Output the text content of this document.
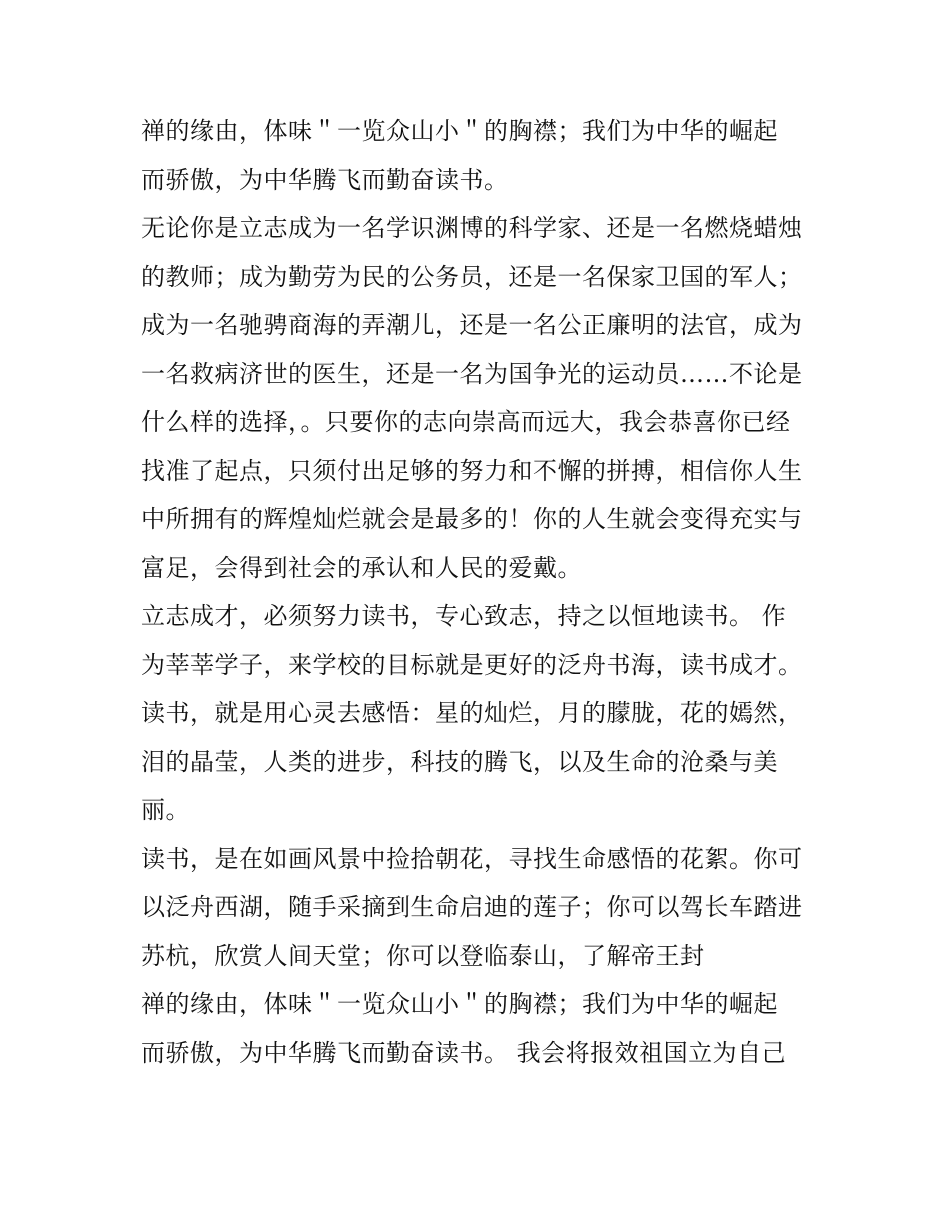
禅的缘由，体味＂一览众山小＂的胸襟；我们为中华的崛起
而骄傲，为中华腾飞而勤奋读书。
无论你是立志成为一名学识渊博的科学家、还是一名燃烧蜡烛
的教师；成为勤劳为民的公务员，还是一名保家卫国的军人；
成为一名驰骋商海的弄潮儿，还是一名公正廉明的法官，成为
一名救病济世的医生，还是一名为国争光的运动员……不论是
什么样的选择，。只要你的志向崇高而远大，我会恭喜你已经
找准了起点，只须付出足够的努力和不懈的拼搏，相信你人生
中所拥有的辉煌灿烂就会是最多的！你的人生就会变得充实与
富足，会得到社会的承认和人民的爱戴。
立志成才，必须努力读书，专心致志，持之以恒地读书。 作
为莘莘学子，来学校的目标就是更好的泛舟书海，读书成才。
读书，就是用心灵去感悟：星的灿烂，月的朦胧，花的嫣然，
泪的晶莹，人类的进步，科技的腾飞，以及生命的沧桑与美
丽。
读书，是在如画风景中捡拾朝花，寻找生命感悟的花絮。你可
以泛舟西湖，随手采摘到生命启迪的莲子；你可以驾长车踏进
苏杭，欣赏人间天堂；你可以登临泰山，了解帝王封
禅的缘由，体味＂一览众山小＂的胸襟；我们为中华的崛起
而骄傲，为中华腾飞而勤奋读书。 我会将报效祖国立为自己
